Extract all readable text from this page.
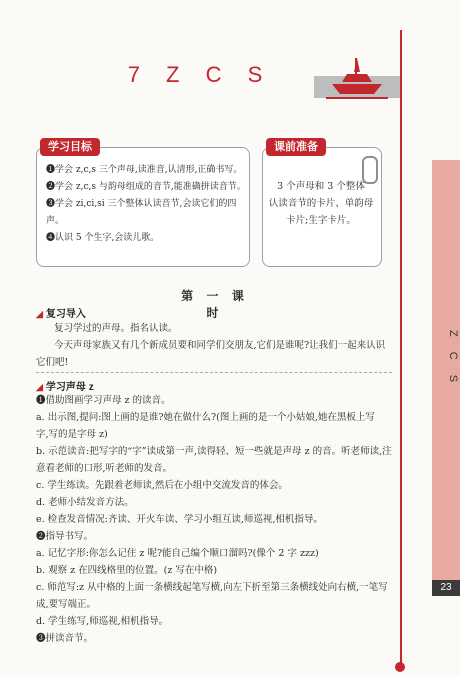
7 Z C S
Z C S
23
学习目标
❶学会 z,c,s 三个声母,读准音,认清形,正确书写。
❷学会 z,c,s 与韵母组成的音节,能准确拼读音节。
❸学会 zi,ci,si 三个整体认读音节,会读它们的四声。
❹认识 5 个生字,会读儿歌。
课前准备
3 个声母和 3 个整体
认读音节的卡片、单韵母
卡片;生字卡片。
第 一 课 时
◢ 复习导入
复习学过的声母。指名认读。
今天声母家族又有几个新成员要和同学们交朋友,它们是谁呢?让我们一起来认识
它们吧!
◢ 学习声母 z
❶借助图画学习声母 z 的读音。
a. 出示图,提问:图上画的是谁?她在做什么?(图上画的是一个小姑娘,她在黑板上写
字,写的是字母 z)
b. 示范读音:把写字的“字”读成第一声,读得轻、短一些就是声母 z 的音。听老师读,注
意看老师的口形,听老师的发音。
c. 学生练读。先跟着老师读,然后在小组中交流发音的体会。
d. 老师小结发音方法。
e. 检查发音情况:齐读、开火车读、学习小组互读,师巡视,相机指导。
❷指导书写。
a. 记忆字形:你怎么记住 z 呢?能自己编个顺口溜吗?(像个 2 字 zzz)
b. 观察 z 在四线格里的位置。(z 写在中格)
c. 师范写:z 从中格的上面一条横线起笔写横,向左下折至第三条横线处向右横,一笔写
成,要写端正。
d. 学生练写,师巡视,相机指导。
❸拼读音节。
